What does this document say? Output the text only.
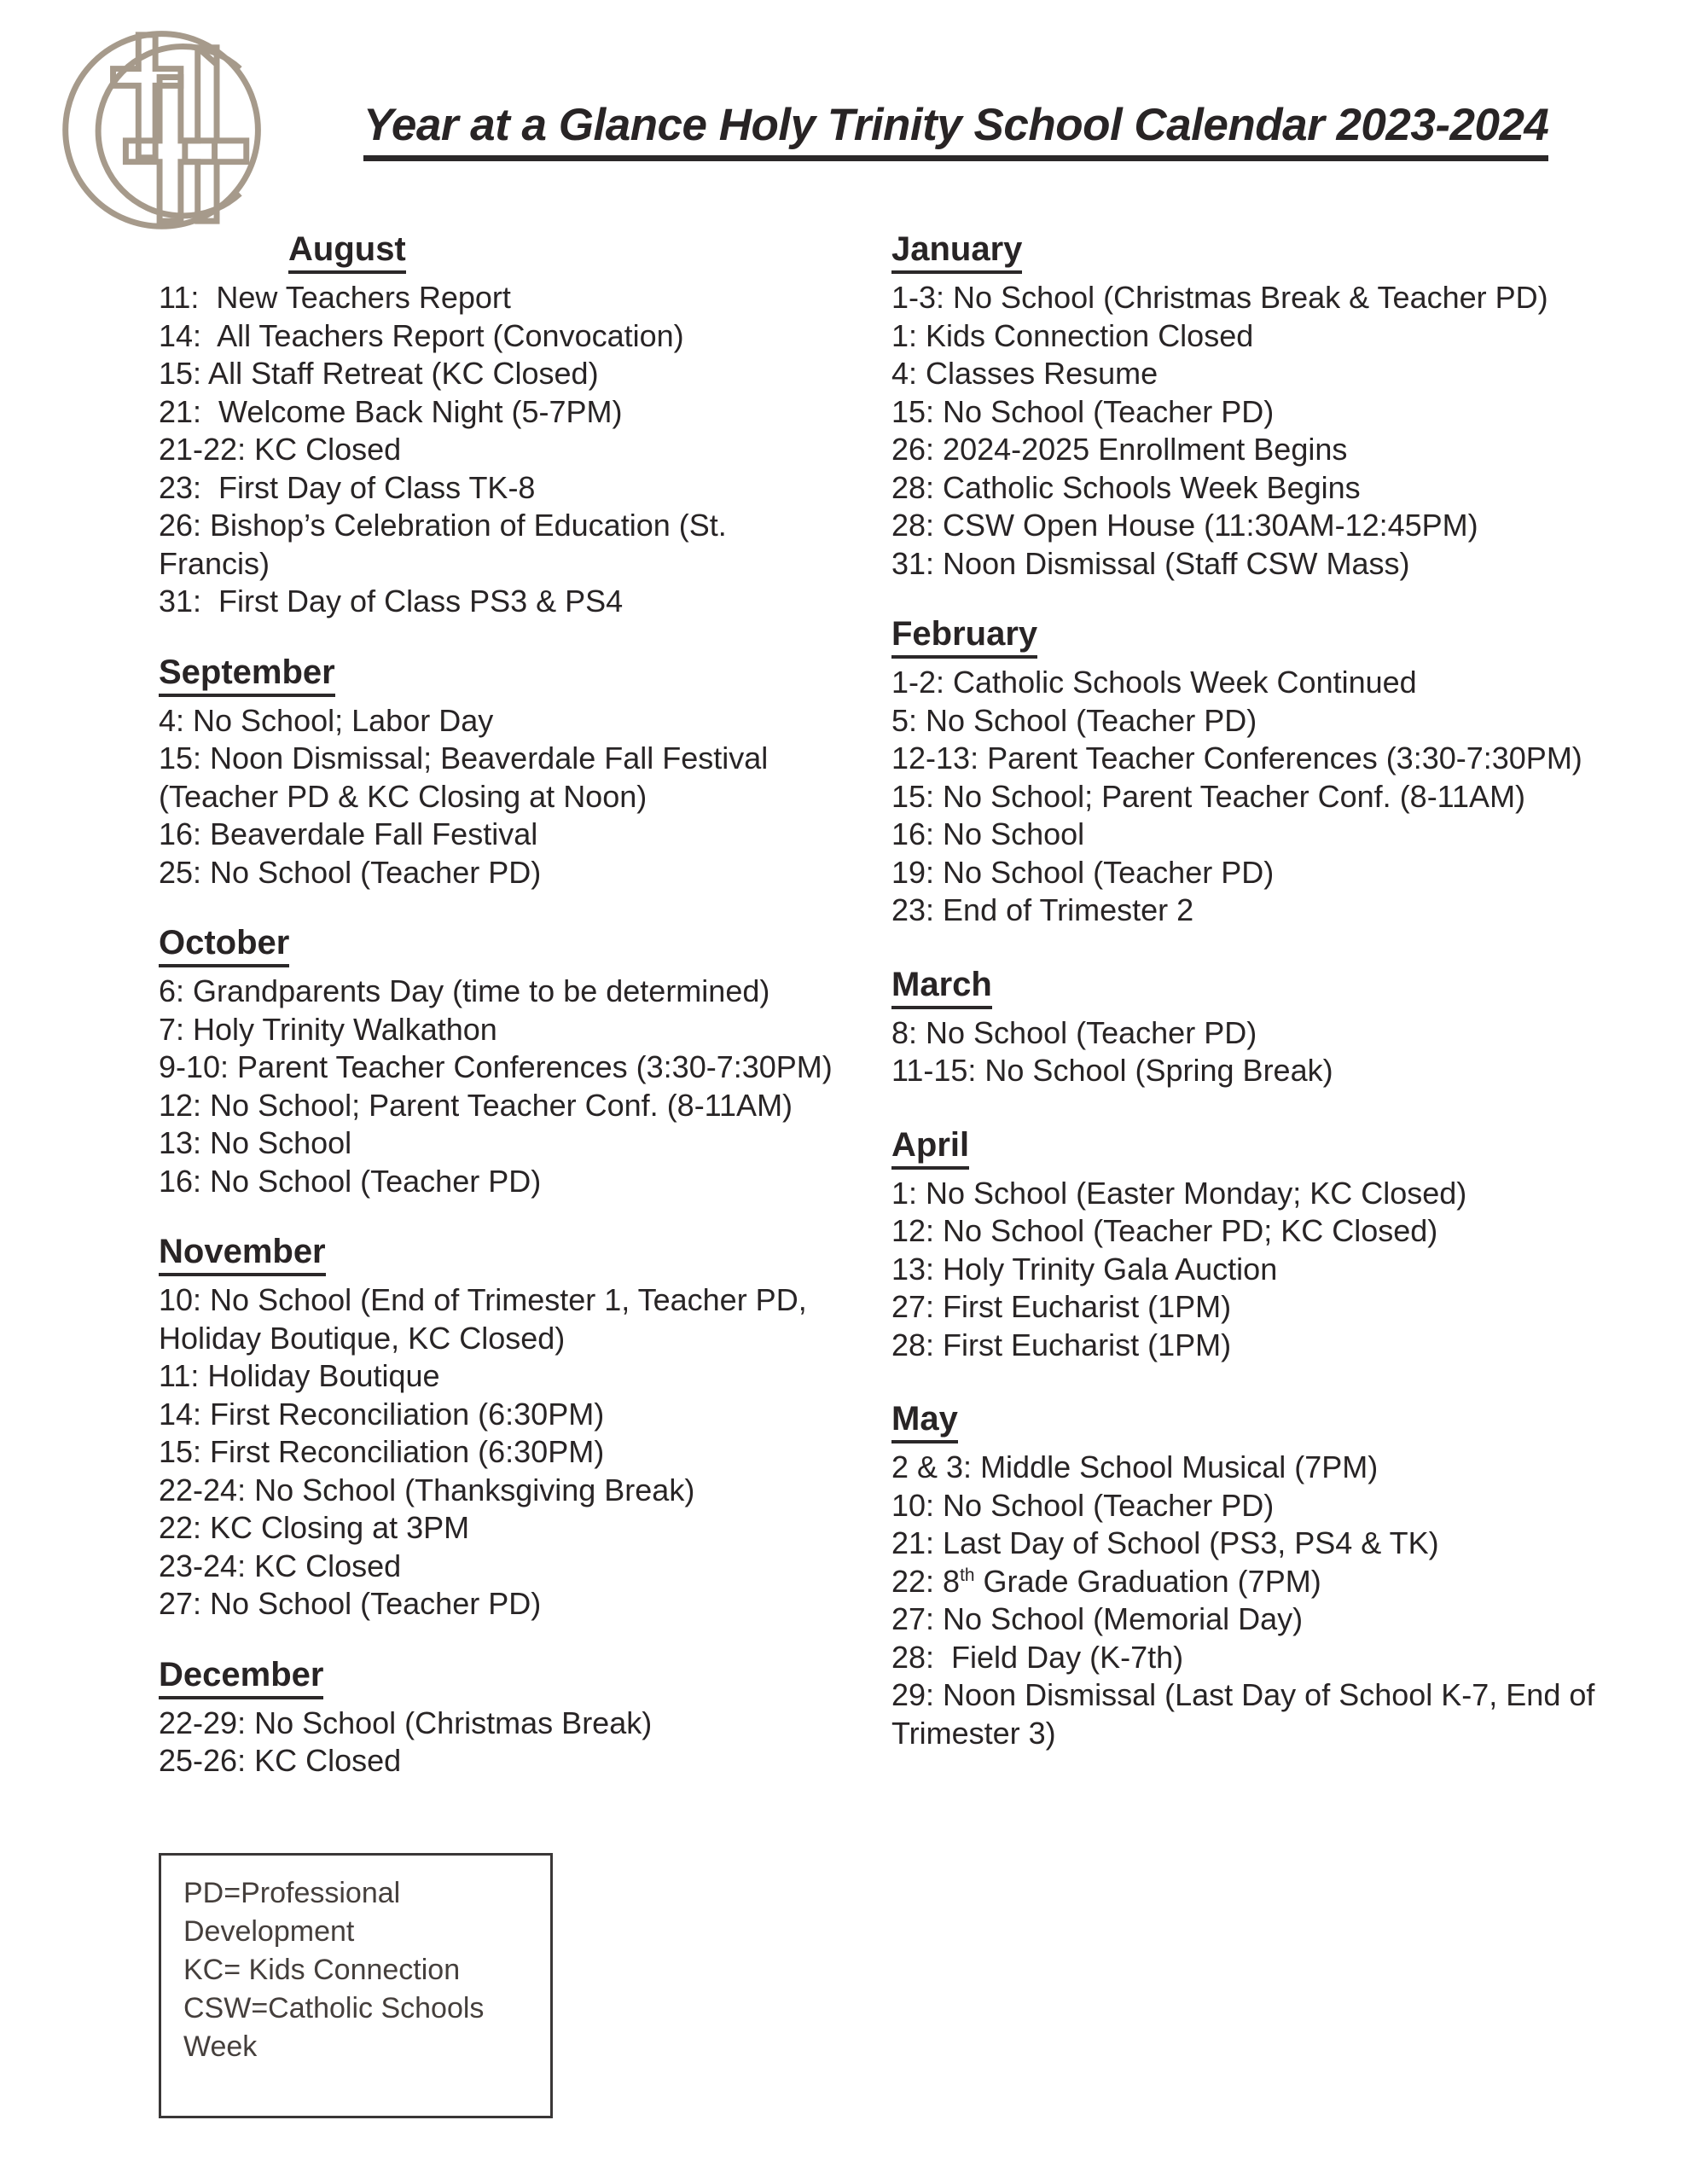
Year at a Glance Holy Trinity School Calendar 2023-2024
August
11:  New Teachers Report
14:  All Teachers Report (Convocation)
15: All Staff Retreat (KC Closed)
21:  Welcome Back Night (5-7PM)
21-22: KC Closed
23:  First Day of Class TK-8
26: Bishop’s Celebration of Education (St. Francis)
31:  First Day of Class PS3 & PS4
September
4: No School; Labor Day
15: Noon Dismissal; Beaverdale Fall Festival
(Teacher PD & KC Closing at Noon)
16: Beaverdale Fall Festival
25: No School (Teacher PD)
October
6: Grandparents Day (time to be determined)
7: Holy Trinity Walkathon
9-10: Parent Teacher Conferences (3:30-7:30PM)
12: No School; Parent Teacher Conf. (8-11AM)
13: No School
16: No School (Teacher PD)
November
10: No School (End of Trimester 1, Teacher PD,
Holiday Boutique, KC Closed)
11: Holiday Boutique
14: First Reconciliation (6:30PM)
15: First Reconciliation (6:30PM)
22-24: No School (Thanksgiving Break)
22: KC Closing at 3PM
23-24: KC Closed
27: No School (Teacher PD)
December
22-29: No School (Christmas Break)
25-26: KC Closed
PD=Professional Development
KC= Kids Connection
CSW=Catholic Schools Week
January
1-3: No School (Christmas Break & Teacher PD)
1: Kids Connection Closed
4: Classes Resume
15: No School (Teacher PD)
26: 2024-2025 Enrollment Begins
28: Catholic Schools Week Begins
28: CSW Open House (11:30AM-12:45PM)
31: Noon Dismissal (Staff CSW Mass)
February
1-2: Catholic Schools Week Continued
5: No School (Teacher PD)
12-13: Parent Teacher Conferences (3:30-7:30PM)
15: No School; Parent Teacher Conf. (8-11AM)
16: No School
19: No School (Teacher PD)
23: End of Trimester 2
March
8: No School (Teacher PD)
11-15: No School (Spring Break)
April
1: No School (Easter Monday; KC Closed)
12: No School (Teacher PD; KC Closed)
13: Holy Trinity Gala Auction
27: First Eucharist (1PM)
28: First Eucharist (1PM)
May
2 & 3: Middle School Musical (7PM)
10: No School (Teacher PD)
21: Last Day of School (PS3, PS4 & TK)
22: 8th Grade Graduation (7PM)
27: No School (Memorial Day)
28:  Field Day (K-7th)
29: Noon Dismissal (Last Day of School K-7, End of
Trimester 3)
